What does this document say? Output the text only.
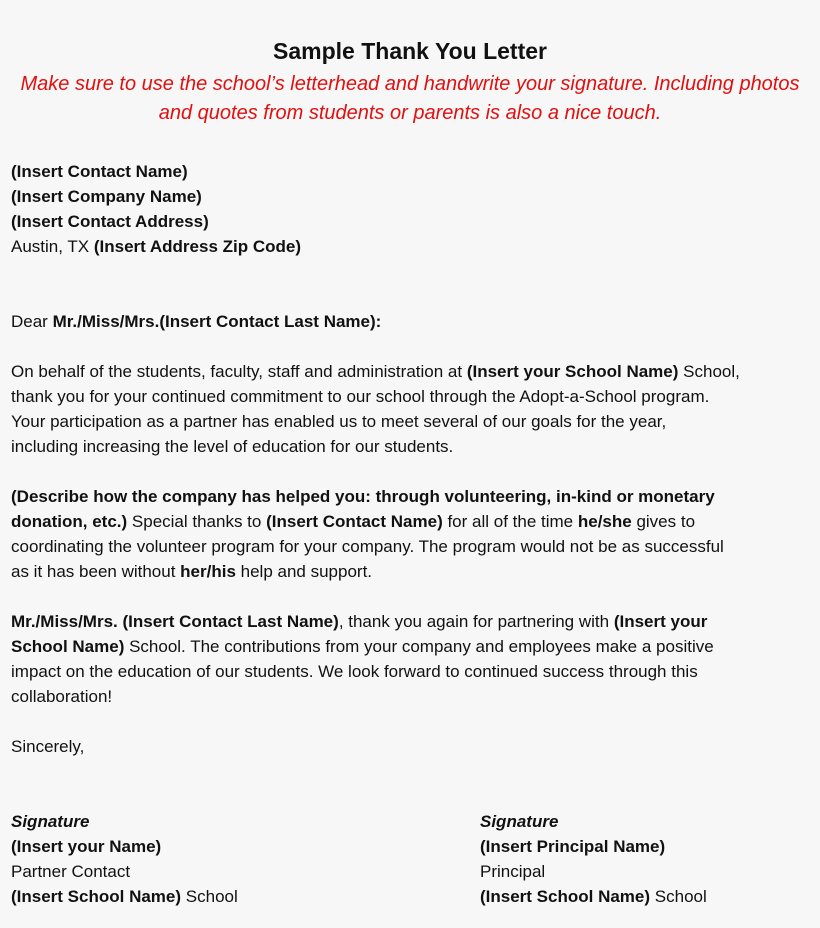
Sample Thank You Letter
Make sure to use the school’s letterhead and handwrite your signature. Including photos and quotes from students or parents is also a nice touch.
(Insert Contact Name)
(Insert Company Name)
(Insert Contact Address)
Austin, TX (Insert Address Zip Code)
Dear Mr./Miss/Mrs.(Insert Contact Last Name):
On behalf of the students, faculty, staff and administration at (Insert your School Name) School,
thank you for your continued commitment to our school through the Adopt-a-School program.
Your participation as a partner has enabled us to meet several of our goals for the year,
including increasing the level of education for our students.
(Describe how the company has helped you: through volunteering, in-kind or monetary
donation, etc.) Special thanks to (Insert Contact Name) for all of the time he/she gives to
coordinating the volunteer program for your company. The program would not be as successful
as it has been without her/his help and support.
Mr./Miss/Mrs. (Insert Contact Last Name), thank you again for partnering with (Insert your
School Name) School. The contributions from your company and employees make a positive
impact on the education of our students. We look forward to continued success through this
collaboration!
Sincerely,
Signature
(Insert your Name)
Partner Contact
(Insert School Name) School
Signature
(Insert Principal Name)
Principal
(Insert School Name) School
